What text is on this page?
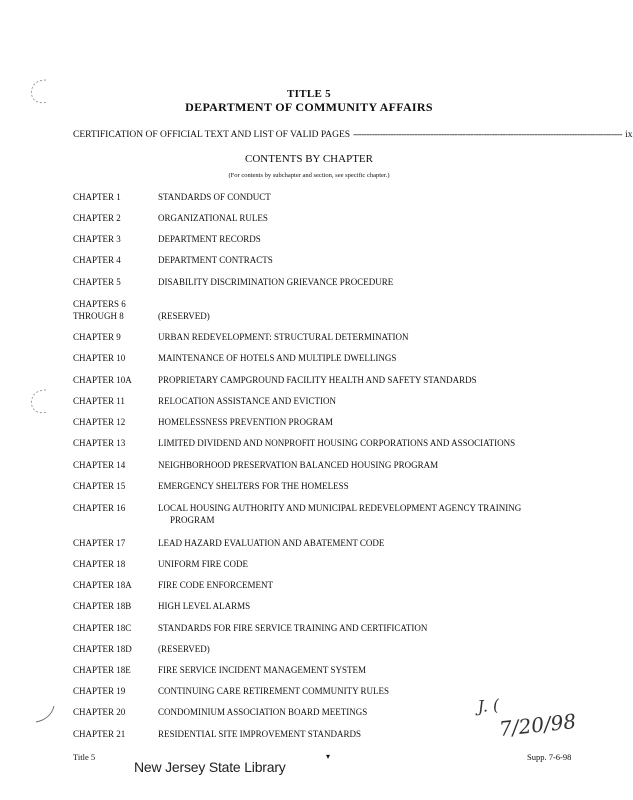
TITLE 5
DEPARTMENT OF COMMUNITY AFFAIRS
CERTIFICATION OF OFFICIAL TEXT AND LIST OF VALID PAGES ----------------------------------------------------------------------------------------------------- ix
CONTENTS BY CHAPTER
(For contents by subchapter and section, see specific chapter.)
CHAPTER 1	STANDARDS OF CONDUCT
CHAPTER 2	ORGANIZATIONAL RULES
CHAPTER 3	DEPARTMENT RECORDS
CHAPTER 4	DEPARTMENT CONTRACTS
CHAPTER 5	DISABILITY DISCRIMINATION GRIEVANCE PROCEDURE
CHAPTERS 6
THROUGH 8	(RESERVED)
CHAPTER 9	URBAN REDEVELOPMENT: STRUCTURAL DETERMINATION
CHAPTER 10	MAINTENANCE OF HOTELS AND MULTIPLE DWELLINGS
CHAPTER 10A	PROPRIETARY CAMPGROUND FACILITY HEALTH AND SAFETY STANDARDS
CHAPTER 11	RELOCATION ASSISTANCE AND EVICTION
CHAPTER 12	HOMELESSNESS PREVENTION PROGRAM
CHAPTER 13	LIMITED DIVIDEND AND NONPROFIT HOUSING CORPORATIONS AND ASSOCIATIONS
CHAPTER 14	NEIGHBORHOOD PRESERVATION BALANCED HOUSING PROGRAM
CHAPTER 15	EMERGENCY SHELTERS FOR THE HOMELESS
CHAPTER 16	LOCAL HOUSING AUTHORITY AND MUNICIPAL REDEVELOPMENT AGENCY TRAINING
PROGRAM
CHAPTER 17	LEAD HAZARD EVALUATION AND ABATEMENT CODE
CHAPTER 18	UNIFORM FIRE CODE
CHAPTER 18A	FIRE CODE ENFORCEMENT
CHAPTER 18B	HIGH LEVEL ALARMS
CHAPTER 18C	STANDARDS FOR FIRE SERVICE TRAINING AND CERTIFICATION
CHAPTER 18D	(RESERVED)
CHAPTER 18E	FIRE SERVICE INCIDENT MANAGEMENT SYSTEM
CHAPTER 19	CONTINUING CARE RETIREMENT COMMUNITY RULES
CHAPTER 20	CONDOMINIUM ASSOCIATION BOARD MEETINGS
CHAPTER 21	RESIDENTIAL SITE IMPROVEMENT STANDARDS
Title 5	▾
New Jersey State Library
Supp. 7-6-98
J. (
7/20/98
